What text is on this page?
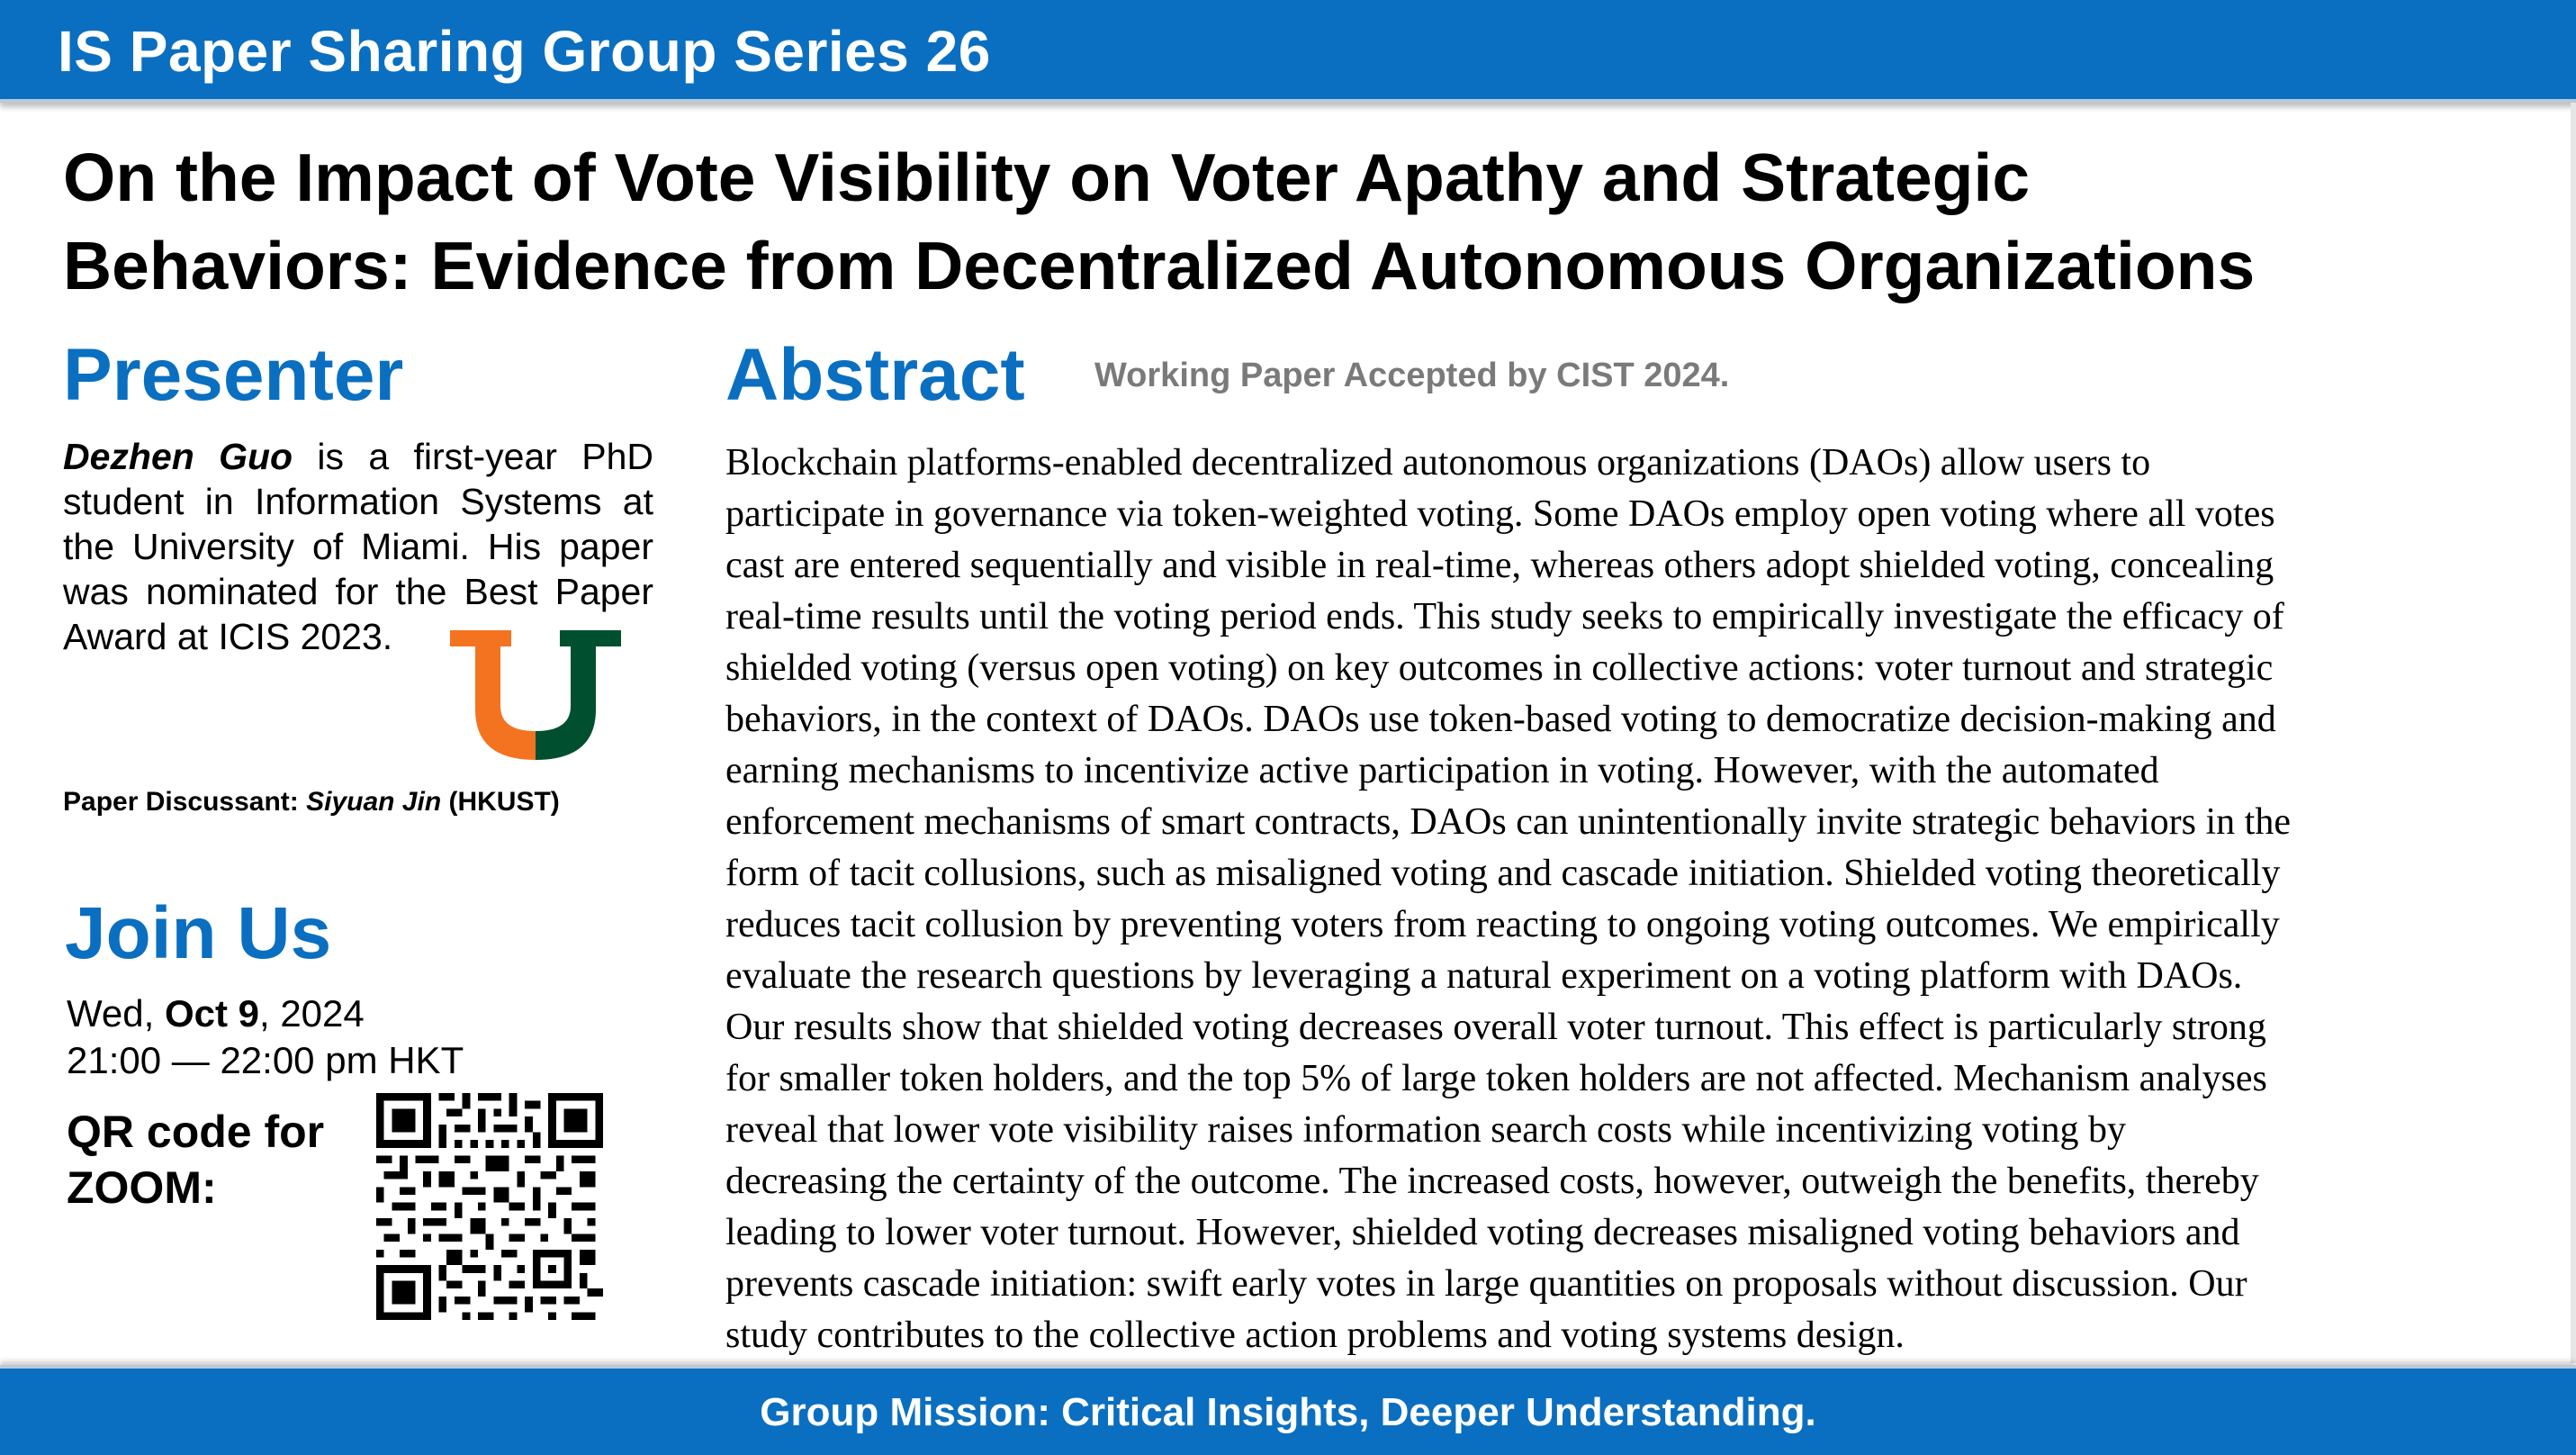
IS Paper Sharing Group Series 26
On the Impact of Vote Visibility on Voter Apathy and Strategic
Behaviors: Evidence from Decentralized Autonomous Organizations
Presenter
Dezhen Guo is a first-year PhD student in Information Systems at the University of Miami. His paper was nominated for the Best Paper Award at ICIS 2023.
Paper Discussant: Siyuan Jin (HKUST)
Join Us
Wed, Oct 9, 2024
21:00 — 22:00 pm HKT
QR code for ZOOM:
Abstract Working Paper Accepted by CIST 2024.
Blockchain platforms-enabled decentralized autonomous organizations (DAOs) allow users to
participate in governance via token-weighted voting. Some DAOs employ open voting where all votes
cast are entered sequentially and visible in real-time, whereas others adopt shielded voting, concealing
real-time results until the voting period ends. This study seeks to empirically investigate the efficacy of
shielded voting (versus open voting) on key outcomes in collective actions: voter turnout and strategic
behaviors, in the context of DAOs. DAOs use token-based voting to democratize decision-making and
earning mechanisms to incentivize active participation in voting. However, with the automated
enforcement mechanisms of smart contracts, DAOs can unintentionally invite strategic behaviors in the
form of tacit collusions, such as misaligned voting and cascade initiation. Shielded voting theoretically
reduces tacit collusion by preventing voters from reacting to ongoing voting outcomes. We empirically
evaluate the research questions by leveraging a natural experiment on a voting platform with DAOs.
Our results show that shielded voting decreases overall voter turnout. This effect is particularly strong
for smaller token holders, and the top 5% of large token holders are not affected. Mechanism analyses
reveal that lower vote visibility raises information search costs while incentivizing voting by
decreasing the certainty of the outcome. The increased costs, however, outweigh the benefits, thereby
leading to lower voter turnout. However, shielded voting decreases misaligned voting behaviors and
prevents cascade initiation: swift early votes in large quantities on proposals without discussion. Our
study contributes to the collective action problems and voting systems design.
Group Mission: Critical Insights, Deeper Understanding.
